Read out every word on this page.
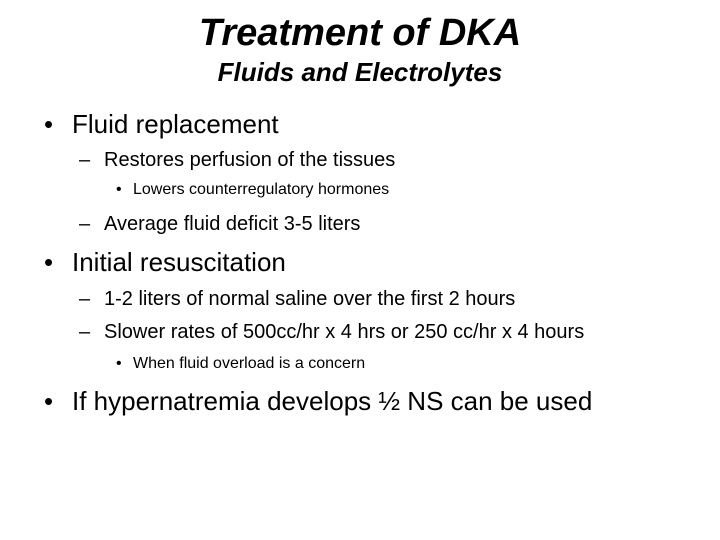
Treatment of DKA
Fluids and Electrolytes
• Fluid replacement
– Restores perfusion of the tissues
• Lowers counterregulatory hormones
– Average fluid deficit 3-5 liters
• Initial resuscitation
– 1-2 liters of normal saline over the first 2 hours
– Slower rates of 500cc/hr x 4 hrs or 250 cc/hr x 4 hours
• When fluid overload is a concern
• If hypernatremia develops ½ NS can be used
